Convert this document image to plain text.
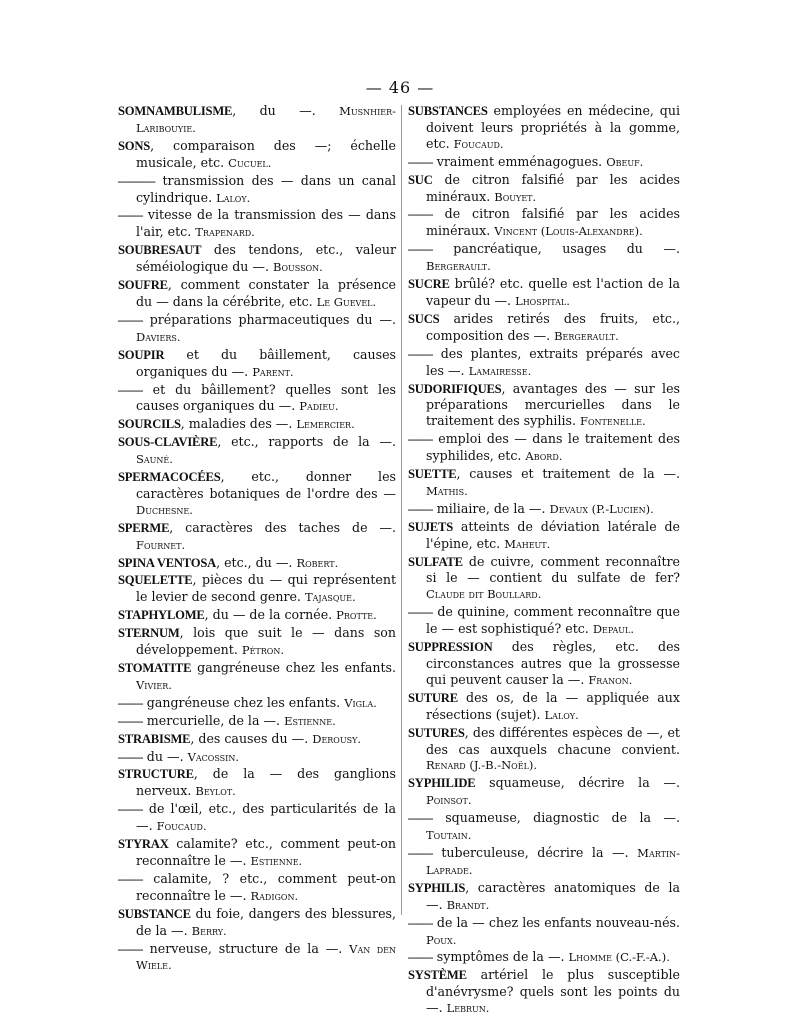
— 46 —

SOMNAMBULISME, du —. Musnhier-Laribouyie.

SONS, comparaison des —; échelle musicale, etc. Cucuel.

——— transmission des — dans un canal cylindrique. Laloy.

—— vitesse de la transmission des — dans l'air, etc. Trapenard.

SOUBRESAUT des tendons, etc., valeur séméiologique du —. Bousson.

SOUFRE, comment constater la présence du — dans la cérébrite, etc. Le Guevel.

—— préparations pharmaceutiques du —. Daviers.

SOUPIR et du bâillement, causes organiques du —. Parent.

—— et du bâillement? quelles sont les causes organiques du —. Padieu.

SOURCILS, maladies des —. Lemercier.

SOUS-CLAVIÈRE, etc., rapports de la —. Sauné.

SPERMACOCÉES, etc., donner les caractères botaniques de l'ordre des — Duchesne.

SPERME, caractères des taches de —. Fournet.

SPINA VENTOSA, etc., du —. Robert.

SQUELETTE, pièces du — qui représentent le levier de second genre. Tajasque.

STAPHYLOME, du — de la cornée. Protte.

STERNUM, lois que suit le — dans son développement. Pétron.

STOMATITE gangréneuse chez les enfants. Vivier.

—— gangréneuse chez les enfants. Vigla.

—— mercurielle, de la —. Estienne.

STRABISME, des causes du —. Derousy.

—— du —. Vacossin.

STRUCTURE, de la — des ganglions nerveux. Beylot.

—— de l'œil, etc., des particularités de la —. Foucaud.

STYRAX calamite? etc., comment peut-on reconnaître le —. Estienne.

—— calamite, ? etc., comment peut-on reconnaître le —. Radigon.

SUBSTANCE du foie, dangers des blessures, de la —. Berry.

—— nerveuse, structure de la —. Van den Wiele.

SUBSTANCES employées en médecine, qui doivent leurs propriétés à la gomme, etc. Foucaud.

—— vraiment emménagogues. Obeuf.

SUC de citron falsifié par les acides minéraux. Bouyet.

—— de citron falsifié par les acides minéraux. Vincent (Louis-Alexandre).

—— pancréatique, usages du —. Bergerault.

SUCRE brûlé? etc. quelle est l'action de la vapeur du —. Lhospital.

SUCS arides retirés des fruits, etc., composition des —. Bergerault.

—— des plantes, extraits préparés avec les —. Lamairesse.

SUDORIFIQUES, avantages des — sur les préparations mercurielles dans le traitement des syphilis. Fontenelle.

—— emploi des — dans le traitement des syphilides, etc. Abord.

SUETTE, causes et traitement de la —. Mathis.

—— miliaire, de la —. Devaux (P.-Lucien).

SUJETS atteints de déviation latérale de l'épine, etc. Maheut.

SULFATE de cuivre, comment reconnaître si le — contient du sulfate de fer? Claude dit Boullard.

—— de quinine, comment reconnaître que le — est sophistiqué? etc. Depaul.

SUPPRESSION des règles, etc. des circonstances autres que la grossesse qui peuvent causer la —. Franon.

SUTURE des os, de la — appliquée aux résections (sujet). Laloy.

SUTURES, des différentes espèces de —, et des cas auxquels chacune convient. Renard (J.-B.-Noël).

SYPHILIDE squameuse, décrire la —. Poinsot.

—— squameuse, diagnostic de la —. Toutain.

—— tuberculeuse, décrire la —. Martin-Laprade.

SYPHILIS, caractères anatomiques de la —. Brandt.

—— de la — chez les enfants nouveau-nés. Poux.

—— symptômes de la —. Lhomme (C.-F.-A.).

SYSTÈME artériel le plus susceptible d'anévrysme? quels sont les points du —. Lebrun.
